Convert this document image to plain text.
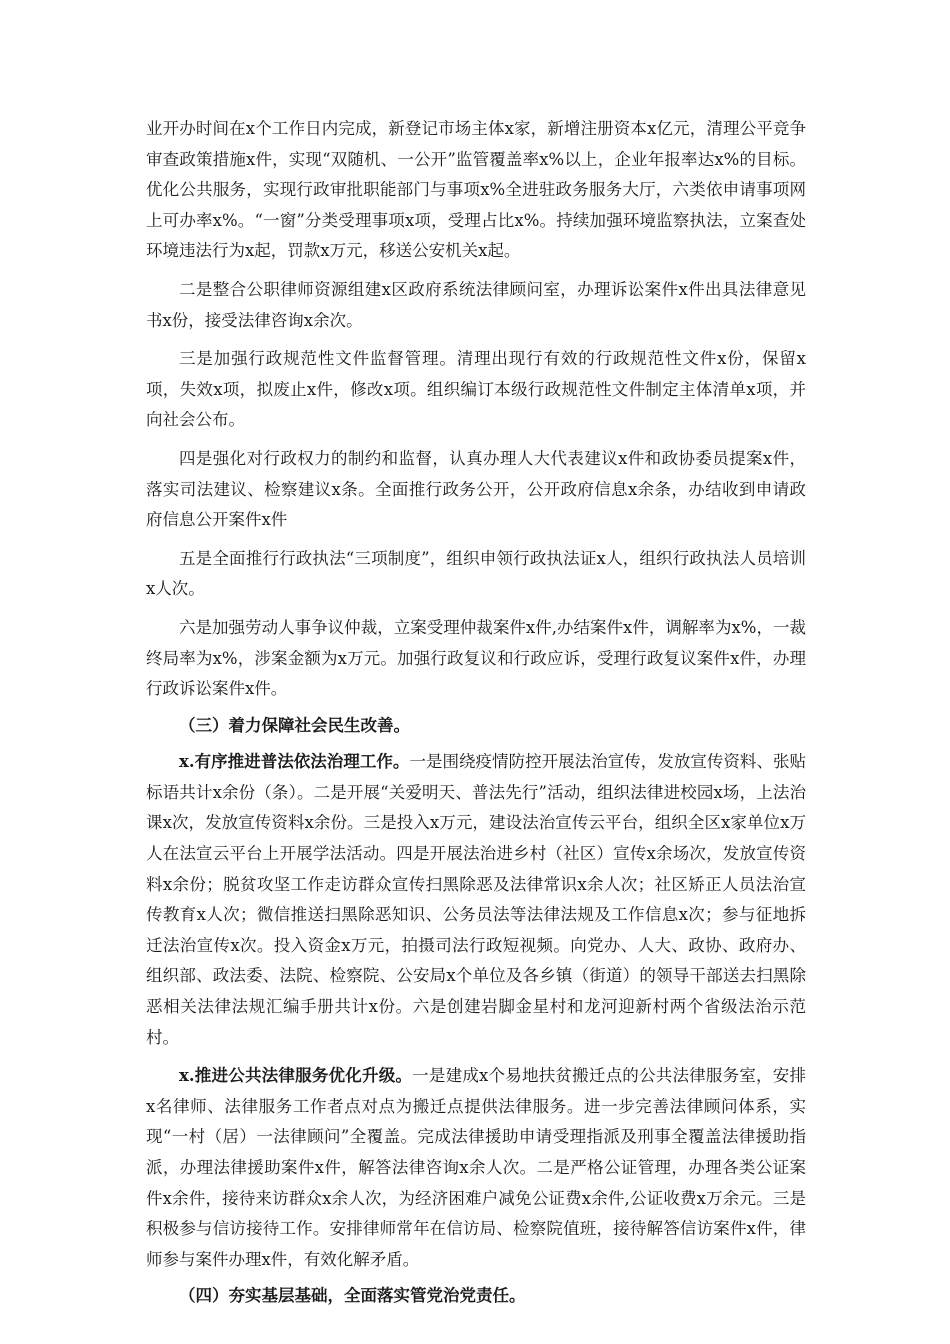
业开办时间在x个工作日内完成，新登记市场主体x家，新增注册资本x亿元，清理公平竞争审查政策措施x件，实现“双随机、一公开”监管覆盖率x%以上，企业年报率达x%的目标。优化公共服务，实现行政审批职能部门与事项x%全进驻政务服务大厅，六类依申请事项网上可办率x%。“一窗”分类受理事项x项，受理占比x%。持续加强环境监察执法，立案查处环境违法行为x起，罚款x万元，移送公安机关x起。

二是整合公职律师资源组建x区政府系统法律顾问室，办理诉讼案件x件出具法律意见书x份，接受法律咨询x余次。

三是加强行政规范性文件监督管理。清理出现行有效的行政规范性文件x份，保留x项，失效x项，拟废止x件，修改x项。组织编订本级行政规范性文件制定主体清单x项，并向社会公布。

四是强化对行政权力的制约和监督，认真办理人大代表建议x件和政协委员提案x件，落实司法建议、检察建议x条。全面推行政务公开，公开政府信息x余条，办结收到申请政府信息公开案件x件

五是全面推行行政执法“三项制度”，组织申领行政执法证x人，组织行政执法人员培训x人次。

六是加强劳动人事争议仲裁，立案受理仲裁案件x件,办结案件x件，调解率为x%，一裁终局率为x%，涉案金额为x万元。加强行政复议和行政应诉，受理行政复议案件x件，办理行政诉讼案件x件。

（三）着力保障社会民生改善。

x.有序推进普法依法治理工作。一是围绕疫情防控开展法治宣传，发放宣传资料、张贴标语共计x余份（条）。二是开展“关爱明天、普法先行”活动，组织法律进校园x场，上法治课x次，发放宣传资料x余份。三是投入x万元，建设法治宣传云平台，组织全区x家单位x万人在法宣云平台上开展学法活动。四是开展法治进乡村（社区）宣传x余场次，发放宣传资料x余份；脱贫攻坚工作走访群众宣传扫黑除恶及法律常识x余人次；社区矫正人员法治宣传教育x人次；微信推送扫黑除恶知识、公务员法等法律法规及工作信息x次；参与征地拆迁法治宣传x次。投入资金x万元，拍摄司法行政短视频。向党办、人大、政协、政府办、组织部、政法委、法院、检察院、公安局x个单位及各乡镇（街道）的领导干部送去扫黑除恶相关法律法规汇编手册共计x份。六是创建岩脚金星村和龙河迎新村两个省级法治示范村。

x.推进公共法律服务优化升级。一是建成x个易地扶贫搬迁点的公共法律服务室，安排x名律师、法律服务工作者点对点为搬迁点提供法律服务。进一步完善法律顾问体系，实现“一村（居）一法律顾问”全覆盖。完成法律援助申请受理指派及刑事全覆盖法律援助指派，办理法律援助案件x件，解答法律咨询x余人次。二是严格公证管理，办理各类公证案件x余件，接待来访群众x余人次，为经济困难户减免公证费x余件,公证收费x万余元。三是积极参与信访接待工作。安排律师常年在信访局、检察院值班，接待解答信访案件x件，律师参与案件办理x件，有效化解矛盾。

（四）夯实基层基础，全面落实管党治党责任。
